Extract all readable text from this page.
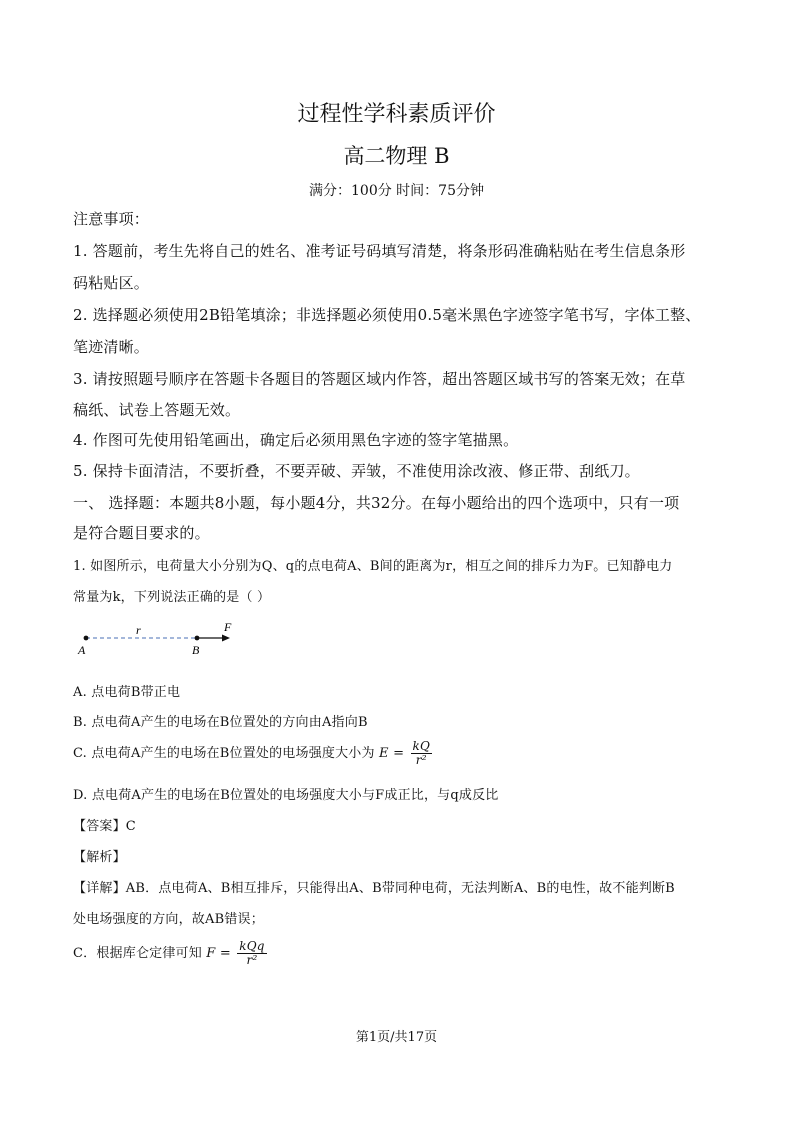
过程性学科素质评价
高二物理 B
满分：100分 时间：75分钟
注意事项：
1. 答题前，考生先将自己的姓名、准考证号码填写清楚，将条形码准确粘贴在考生信息条形
码粘贴区。
2. 选择题必须使用2B铅笔填涂；非选择题必须使用0.5毫米黑色字迹签字笔书写，字体工整、
笔迹清晰。
3. 请按照题号顺序在答题卡各题目的答题区域内作答，超出答题区域书写的答案无效；在草
稿纸、试卷上答题无效。
4. 作图可先使用铅笔画出，确定后必须用黑色字迹的签字笔描黑。
5. 保持卡面清洁，不要折叠，不要弄破、弄皱，不准使用涂改液、修正带、刮纸刀。
一、 选择题：本题共8小题，每小题4分，共32分。在每小题给出的四个选项中，只有一项
是符合题目要求的。
1. 如图所示，电荷量大小分别为Q、q的点电荷A、B间的距离为r，相互之间的排斥力为F。已知静电力
常量为k，下列说法正确的是（ ）
A	B
r	F
A. 点电荷B带正电
B. 点电荷A产生的电场在B位置处的方向由A指向B
C. 点电荷A产生的电场在B位置处的电场强度大小为 $E = \frac{kQ}{\text{r²}}$
D. 点电荷A产生的电场在B位置处的电场强度大小与F成正比，与q成反比
【答案】C
【解析】
【详解】AB．点电荷A、B相互排斥，只能得出A、B带同种电荷，无法判断A、B的电性，故不能判断B
处电场强度的方向，故AB错误；
C．根据库仑定律可知 $F = \frac{\text{kQq}}{\text{r²}}$
第1页/共17页
